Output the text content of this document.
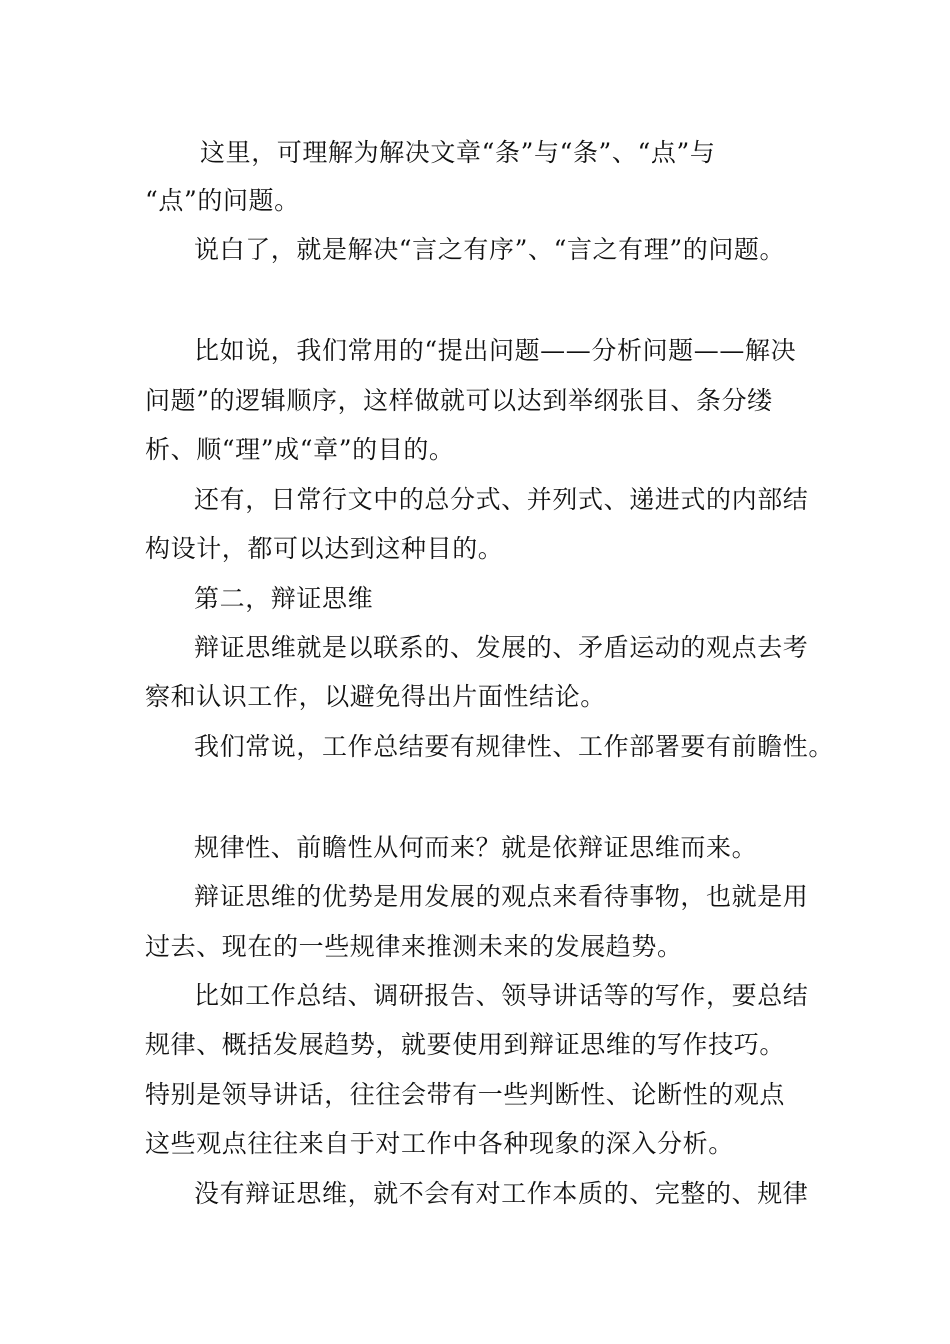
这里，可理解为解决文章“条”与“条”、“点”与
“点”的问题。
说白了，就是解决“言之有序”、“言之有理”的问题。
比如说，我们常用的“提出问题——分析问题——解决
问题”的逻辑顺序，这样做就可以达到举纲张目、条分缕
析、顺“理”成“章”的目的。
还有，日常行文中的总分式、并列式、递进式的内部结
构设计，都可以达到这种目的。
第二，辩证思维
辩证思维就是以联系的、发展的、矛盾运动的观点去考
察和认识工作，以避免得出片面性结论。
我们常说，工作总结要有规律性、工作部署要有前瞻性。
规律性、前瞻性从何而来？就是依辩证思维而来。
辩证思维的优势是用发展的观点来看待事物，也就是用
过去、现在的一些规律来推测未来的发展趋势。
比如工作总结、调研报告、领导讲话等的写作，要总结
规律、概括发展趋势，就要使用到辩证思维的写作技巧。
特别是领导讲话，往往会带有一些判断性、论断性的观点
这些观点往往来自于对工作中各种现象的深入分析。
没有辩证思维，就不会有对工作本质的、完整的、规律
